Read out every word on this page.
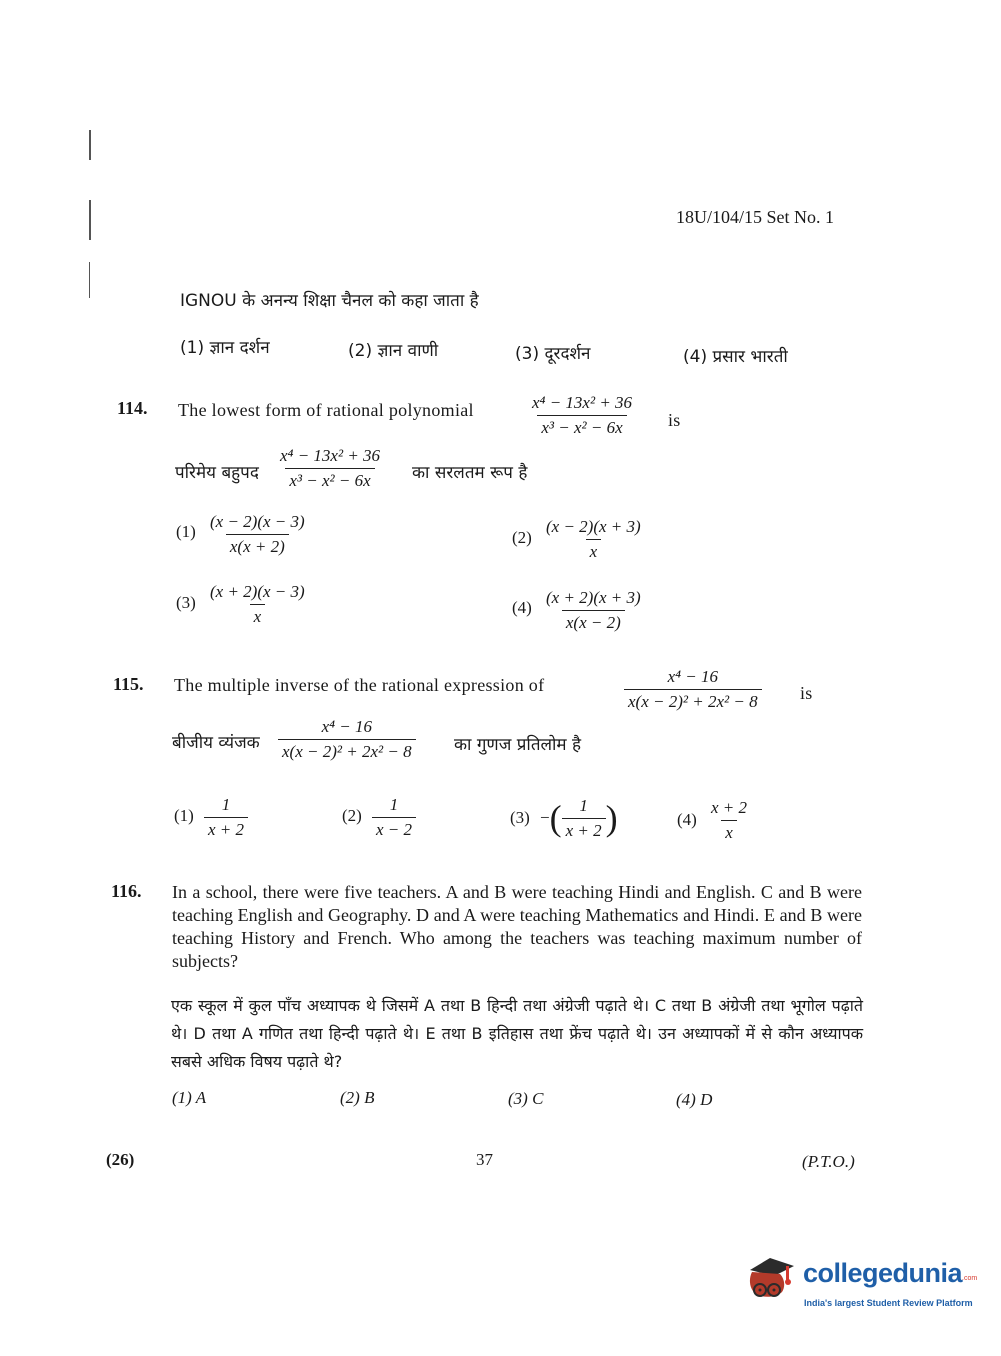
18U/104/15 Set No. 1
IGNOU के अनन्य शिक्षा चैनल को कहा जाता है
(1) ज्ञान दर्शन	(2) ज्ञान वाणी	(3) दूरदर्शन	(4) प्रसार भारती
114. The lowest form of rational polynomial	$\frac{\text{x⁴ − 13x² + 36}}{\text{x³ − x² − 6x}}$ is
परिमेय बहुपद $\frac{\text{x⁴ − 13x² + 36}}{\text{x³ − x² − 6x}}$ का सरलतम रूप है
$(1) \frac{(x - 2)(x - 3)}{x(x + 2)}$	$(2) \frac{(x - 2)(x + 3)}{x}$
$(3) \frac{(x + 2)(x - 3)}{x}$	$(4) \frac{(x + 2)(x + 3)}{x(x - 2)}$
115. The multiple inverse of the rational expression of	$\frac{\text{x⁴ − 16}}{\text{x(x − 2)² + 2x² − 8}}$ is
बीजीय व्यंजक $\frac{\text{x⁴ − 16}}{\text{x(x − 2)² + 2x² − 8}}$ का गुणज प्रतिलोम है
$(1) \frac{1}{x + 2}$	$(2) \frac{1}{x - 2}$	(3) − ( $\frac{1}{x + 2}$ )	$(4) \frac{x + 2}{x}$
116. In a school, there were five teachers. A and B were teaching Hindi and English. C and B were teaching English and Geography. D and A were teaching Mathematics and Hindi. E and B were teaching History and French. Who among the teachers was teaching maximum number of subjects?
एक स्कूल में कुल पाँच अध्यापक थे जिसमें A तथा B हिन्दी तथा अंग्रेजी पढ़ाते थे। C तथा B अंग्रेजी तथा भूगोल पढ़ाते थे। D तथा A गणित तथा हिन्दी पढ़ाते थे। E तथा B इतिहास तथा फ्रेंच पढ़ाते थे। उन अध्यापकों में से कौन अध्यापक सबसे अधिक विषय पढ़ाते थे?
(1) A	(2) B	(3) C	(4) D
(26)	37	(P.T.O.)
collegedunia .com
India's largest Student Review Platform
